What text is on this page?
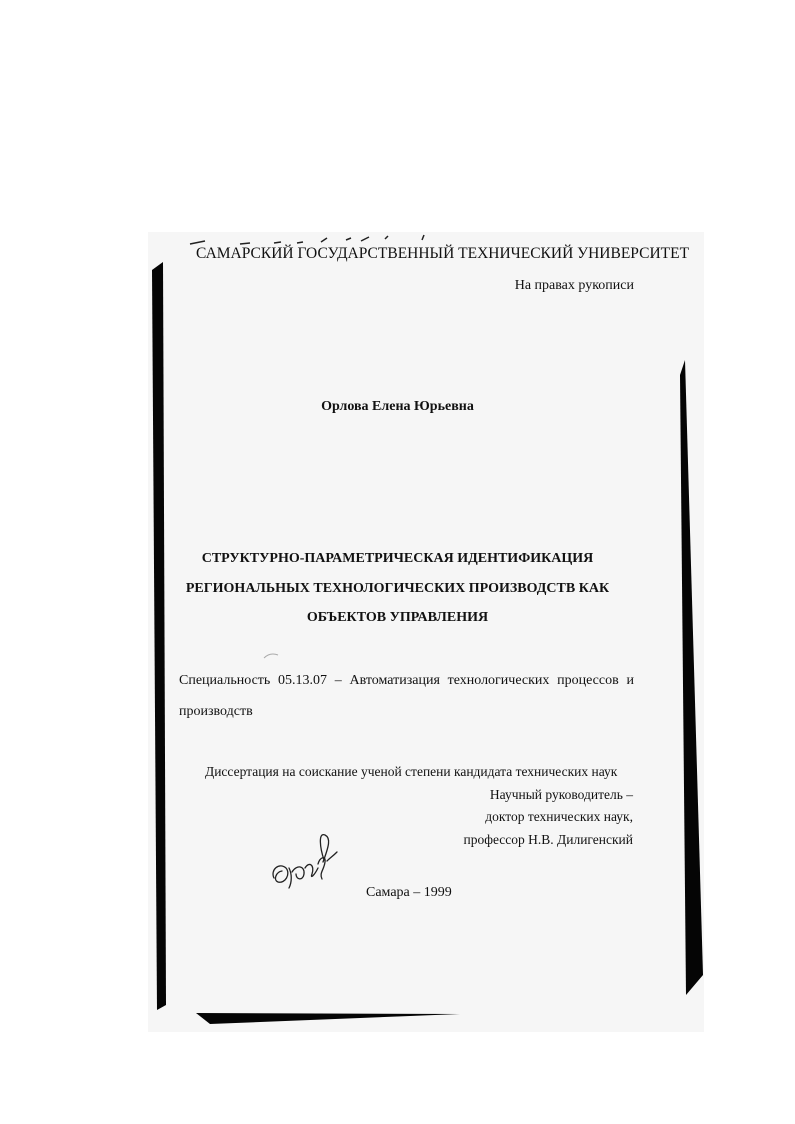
САМАРСКИЙ ГОСУДАРСТВЕННЫЙ ТЕХНИЧЕСКИЙ УНИВЕРСИТЕТ

На правах рукописи

Орлова Елена Юрьевна

СТРУКТУРНО-ПАРАМЕТРИЧЕСКАЯ ИДЕНТИФИКАЦИЯ

РЕГИОНАЛЬНЫХ ТЕХНОЛОГИЧЕСКИХ ПРОИЗВОДСТВ КАК

ОБЪЕКТОВ УПРАВЛЕНИЯ

Специальность 05.13.07 – Автоматизация технологических процессов и

производств

Диссертация на соискание ученой степени кандидата технических наук

Научный руководитель –

доктор технических наук,

профессор Н.В. Дилигенский

Самара – 1999
